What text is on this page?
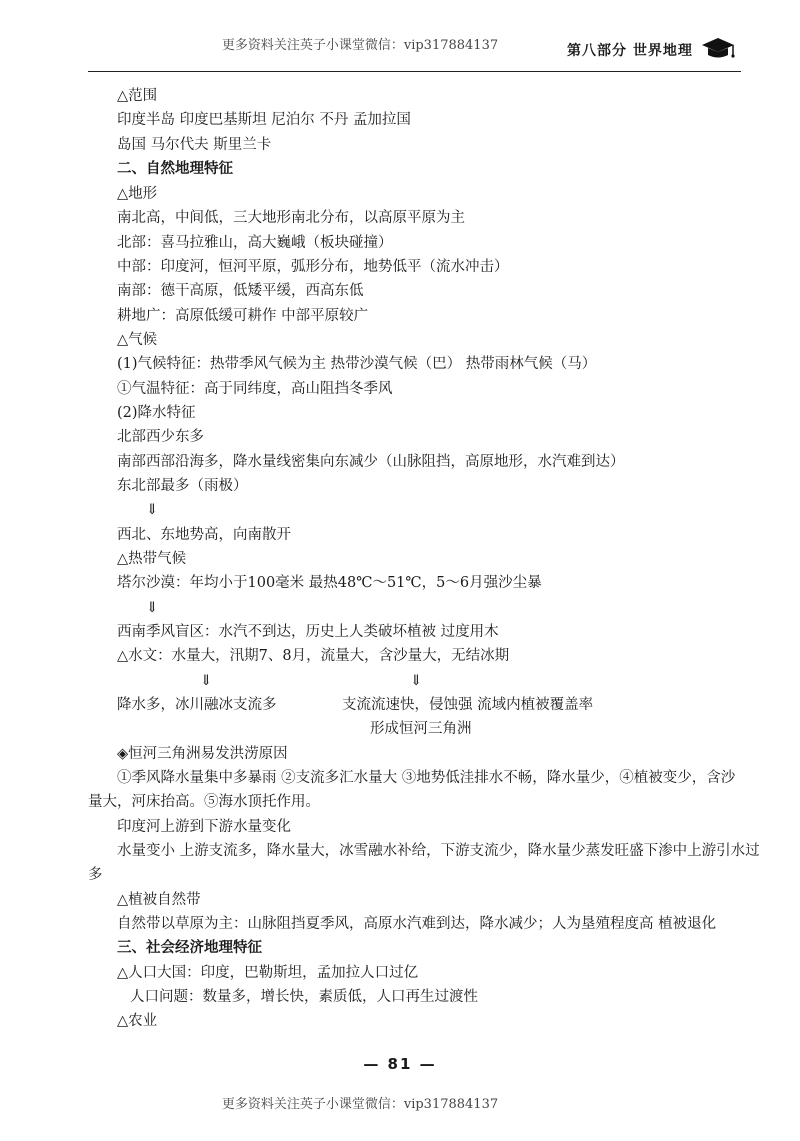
更多资料关注英子小课堂微信：vip317884137	第八部分 世界地理
△范围
印度半岛 印度巴基斯坦 尼泊尔 不丹 孟加拉国
岛国 马尔代夫 斯里兰卡
二、自然地理特征
△地形
南北高，中间低，三大地形南北分布，以高原平原为主
北部：喜马拉雅山，高大巍峨（板块碰撞）
中部：印度河，恒河平原，弧形分布，地势低平（流水冲击）
南部：德干高原，低矮平缓，西高东低
耕地广：高原低缓可耕作 中部平原较广
△气候
(1)气候特征：热带季风气候为主 热带沙漠气候（巴） 热带雨林气候（马）
①气温特征：高于同纬度，高山阻挡冬季风
(2)降水特征
北部西少东多
南部西部沿海多，降水量线密集向东减少（山脉阻挡，高原地形，水汽难到达）
东北部最多（雨极）
⇓
西北、东地势高，向南散开
△热带气候
塔尔沙漠：年均小于100毫米 最热48℃～51℃，5～6月强沙尘暴
⇓
西南季风盲区：水汽不到达，历史上人类破坏植被 过度用木
△水文：水量大，汛期7、8月，流量大，含沙量大，无结冰期
⇓	⇓
降水多，冰川融冰支流多	支流流速快，侵蚀强 流域内植被覆盖率
形成恒河三角洲
◈恒河三角洲易发洪涝原因
①季风降水量集中多暴雨 ②支流多汇水量大 ③地势低洼排水不畅，降水量少，④植被变少，含沙
量大，河床抬高。⑤海水顶托作用。
印度河上游到下游水量变化
水量变小 上游支流多，降水量大，冰雪融水补给，下游支流少，降水量少蒸发旺盛下渗中上游引水过
多
△植被自然带
自然带以草原为主：山脉阻挡夏季风，高原水汽难到达，降水减少；人为垦殖程度高 植被退化
三、社会经济地理特征
△人口大国：印度，巴勒斯坦，孟加拉人口过亿
人口问题：数量多，增长快，素质低，人口再生过渡性
△农业
— 81 —
更多资料关注英子小课堂微信：vip317884137
